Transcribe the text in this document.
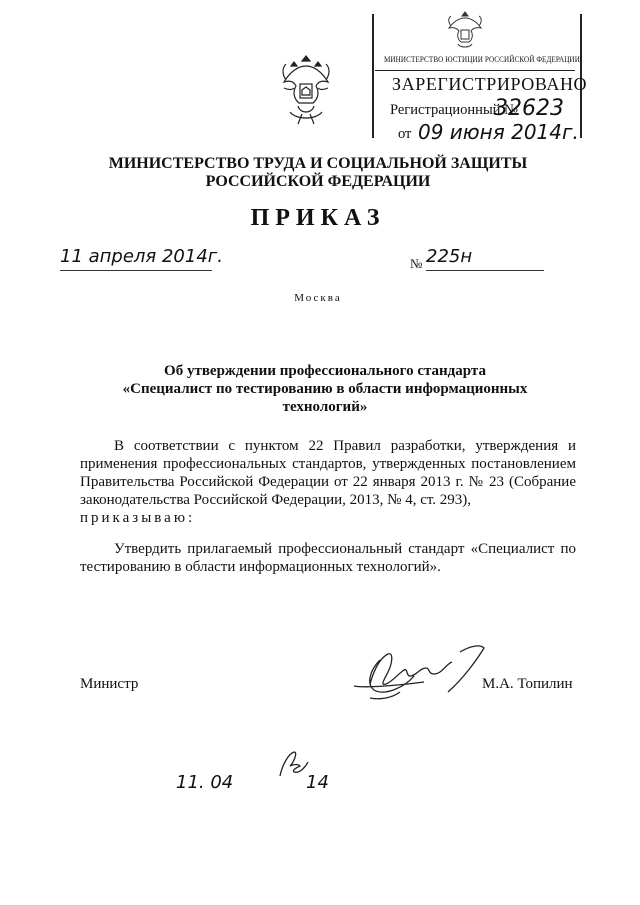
МИНИСТЕРСТВО ЮСТИЦИИ РОССИЙСКОЙ ФЕДЕРАЦИИ
ЗАРЕГИСТРИРОВАНО
Регистрационный №
32623
от 09 июня 2014г.
МИНИСТЕРСТВО ТРУДА И СОЦИАЛЬНОЙ ЗАЩИТЫ
РОССИЙСКОЙ ФЕДЕРАЦИИ
ПРИКАЗ
11 апреля 2014г.	№ 225н
Москва
Об утверждении профессионального стандарта
«Специалист по тестированию в области информационных
технологий»
В соответствии с пунктом 22 Правил разработки, утверждения и применения профессиональных стандартов, утвержденных постановлением Правительства Российской Федерации от 22 января 2013 г. № 23 (Собрание законодательства Российской Федерации, 2013, № 4, ст. 293),
приказываю:
Утвердить прилагаемый профессиональный стандарт «Специалист по тестированию в области информационных технологий».
Министр	М.А. Топилин
11. 04	14
